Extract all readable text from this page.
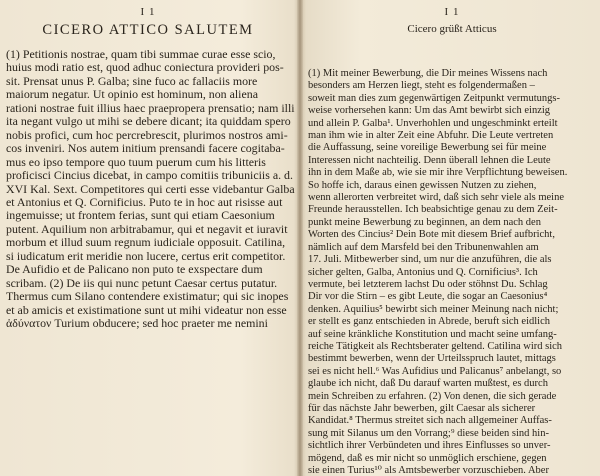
I 1
CICERO ATTICO SALUTEM
(1) Petitionis nostrae, quam tibi summae curae esse scio,
huius modi ratio est, quod adhuc coniectura provideri pos-
sit. Prensat unus P. Galba; sine fuco ac fallaciis more
maiorum negatur. Ut opinio est hominum, non aliena
rationi nostrae fuit illius haec praepropera prensatio; nam illi
ita negant vulgo ut mihi se debere dicant; ita quiddam spero
nobis profici, cum hoc percrebrescit, plurimos nostros ami-
cos inveniri. Nos autem initium prensandi facere cogitaba-
mus eo ipso tempore quo tuum puerum cum his litteris
proficisci Cincius dicebat, in campo comitiis tribuniciis a. d.
XVI Kal. Sext. Competitores qui certi esse videbantur Galba
et Antonius et Q. Cornificius. Puto te in hoc aut risisse aut
ingemuisse; ut frontem ferias, sunt qui etiam Caesonium
putent. Aquilium non arbitrabamur, qui et negavit et iuravit
morbum et illud suum regnum iudiciale opposuit. Catilina,
si iudicatum erit meridie non lucere, certus erit competitor.
De Aufidio et de Palicano non puto te exspectare dum
scribam. (2) De iis qui nunc petunt Caesar certus putatur.
Thermus cum Silano contendere existimatur; qui sic inopes
et ab amicis et existimatione sunt ut mihi videatur non esse
ἀδύνατον Turium obducere; sed hoc praeter me nemini
I 1
Cicero grüßt Atticus
(1) Mit meiner Bewerbung, die Dir meines Wissens nach
besonders am Herzen liegt, steht es folgendermaßen –
soweit man dies zum gegenwärtigen Zeitpunkt vermutungs-
weise vorhersehen kann: Um das Amt bewirbt sich einzig
und allein P. Galba¹. Unverhohlen und ungeschminkt erteilt
man ihm wie in alter Zeit eine Abfuhr. Die Leute vertreten
die Auffassung, seine voreilige Bewerbung sei für meine
Interessen nicht nachteilig. Denn überall lehnen die Leute
ihn in dem Maße ab, wie sie mir ihre Verpflichtung beweisen.
So hoffe ich, daraus einen gewissen Nutzen zu ziehen,
wenn allerorten verbreitet wird, daß sich sehr viele als meine
Freunde herausstellen. Ich beabsichtige genau zu dem Zeit-
punkt meine Bewerbung zu beginnen, an dem nach den
Worten des Cincius² Dein Bote mit diesem Brief aufbricht,
nämlich auf dem Marsfeld bei den Tribunenwahlen am
17. Juli. Mitbewerber sind, um nur die anzuführen, die als
sicher gelten, Galba, Antonius und Q. Cornificius³. Ich
vermute, bei letzterem lachst Du oder stöhnst Du. Schlag
Dir vor die Stirn – es gibt Leute, die sogar an Caesonius⁴
denken. Aquilius⁵ bewirbt sich meiner Meinung nach nicht;
er stellt es ganz entschieden in Abrede, beruft sich eidlich
auf seine kränkliche Konstitution und macht seine umfang-
reiche Tätigkeit als Rechtsberater geltend. Catilina wird sich
bestimmt bewerben, wenn der Urteilsspruch lautet, mittags
sei es nicht hell.⁶ Was Aufidius und Palicanus⁷ anbelangt, so
glaube ich nicht, daß Du darauf warten mußtest, es durch
mein Schreiben zu erfahren. (2) Von denen, die sich gerade
für das nächste Jahr bewerben, gilt Caesar als sicherer
Kandidat.⁸ Thermus streitet sich nach allgemeiner Auffas-
sung mit Silanus um den Vorrang;⁹ diese beiden sind hin-
sichtlich ihrer Verbündeten und ihres Einflusses so unver-
mögend, daß es mir nicht so unmöglich erschiene, gegen
sie einen Turius¹⁰ als Amtsbewerber vorzuschieben. Aber
